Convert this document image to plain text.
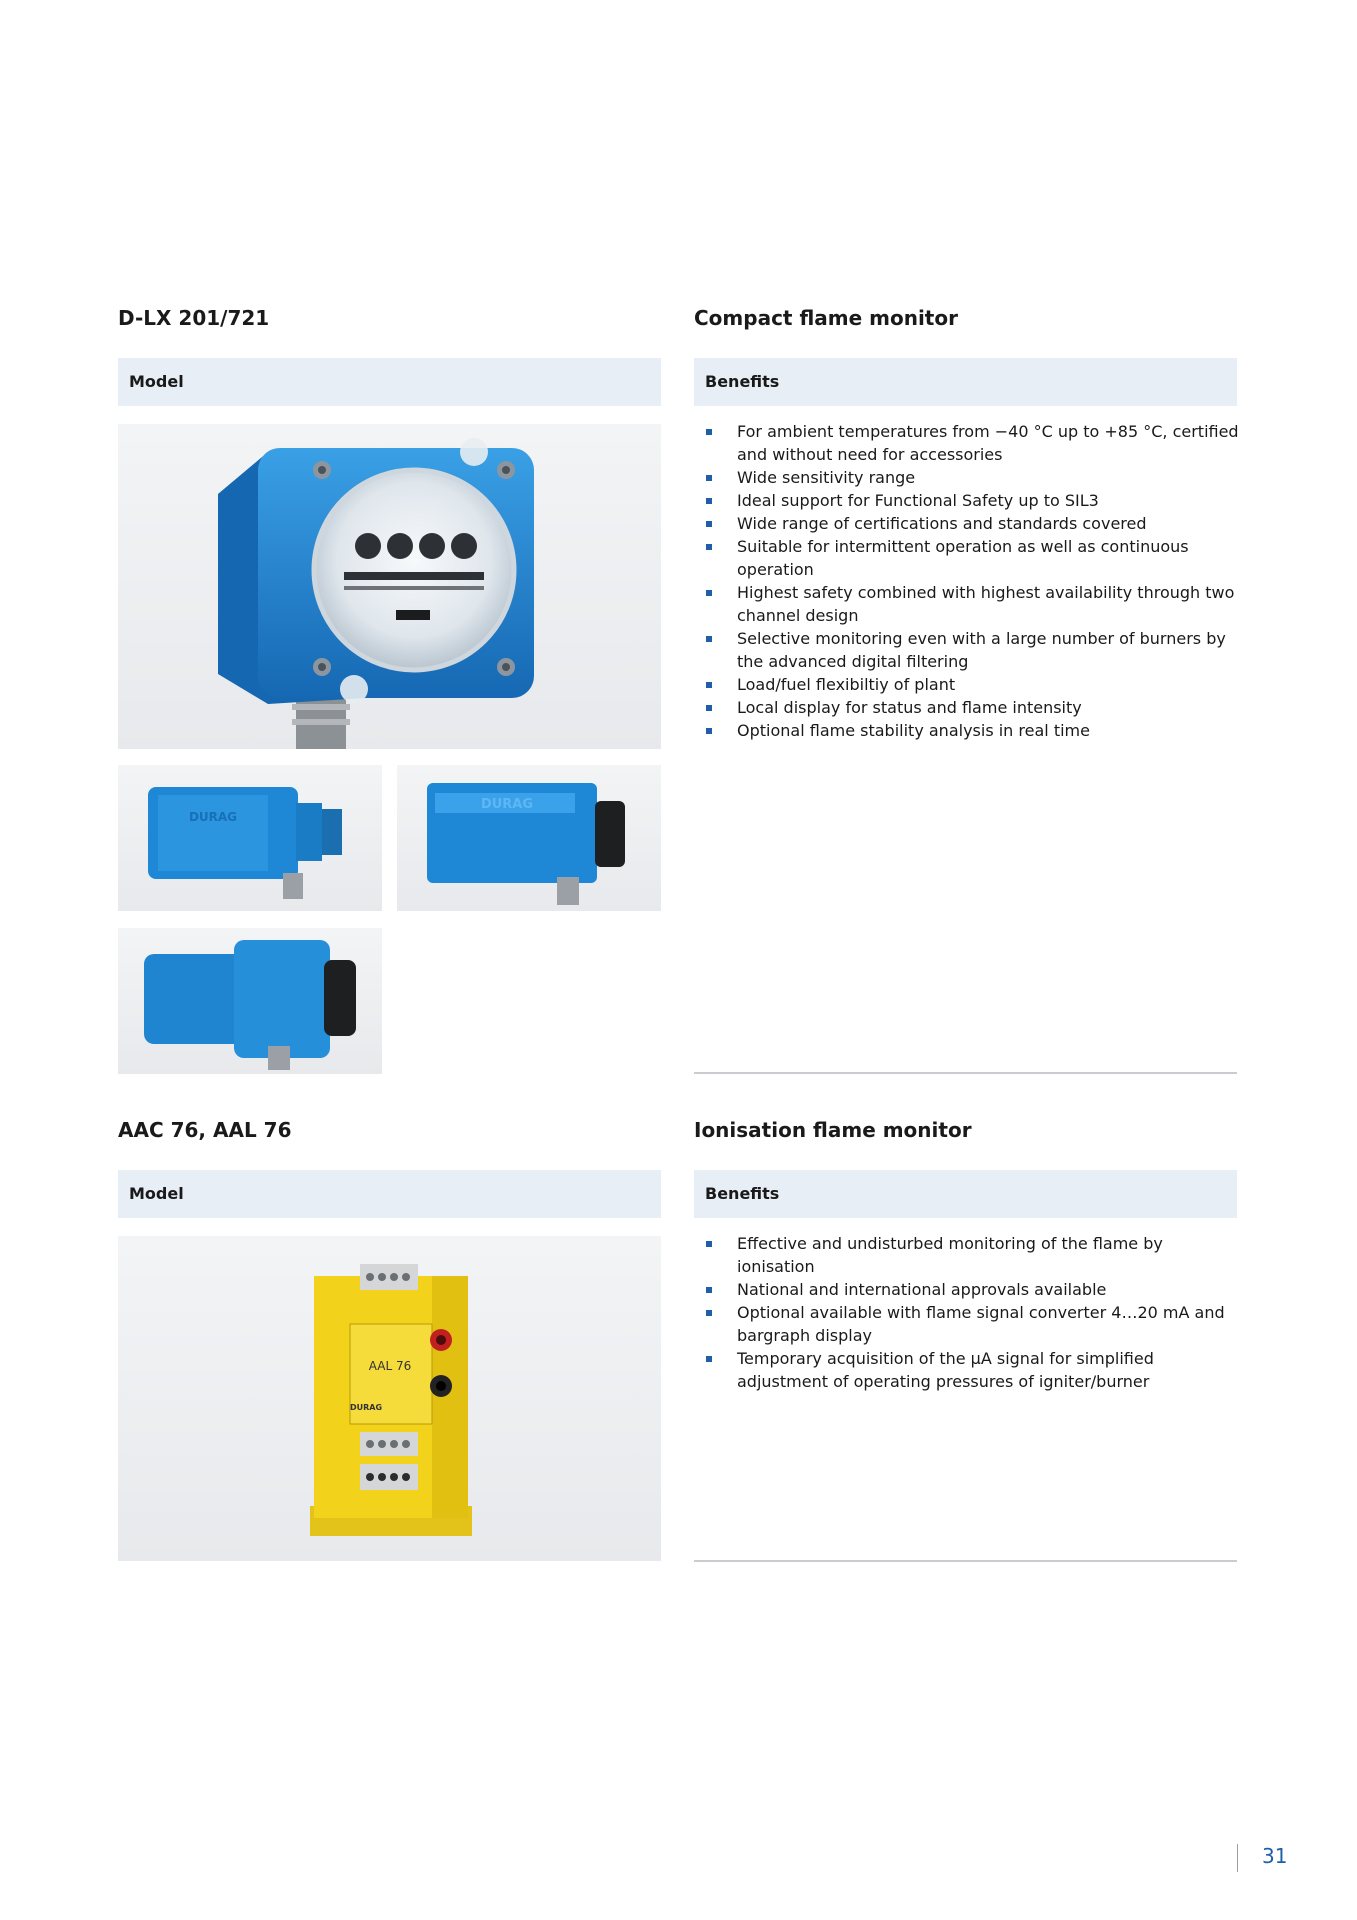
D-LX 201/721	Compact flame monitor
Model	Benefits
DURAG
DURAG
For ambient temperatures from −40 °C up to +85 °C, certified and without need for accessories
Wide sensitivity range
Ideal support for Functional Safety up to SIL3
Wide range of certifications and standards covered
Suitable for intermittent operation as well as continuous operation
Highest safety combined with highest availability through two channel design
Selective monitoring even with a large number of burners by the advanced digital filtering
Load/fuel flexibiltiy of plant
Local display for status and flame intensity
Optional flame stability analysis in real time
AAC 76, AAL 76	Ionisation flame monitor
Model	Benefits
AAL 76
DURAG
Effective and undisturbed monitoring of the flame by ionisation
National and international approvals available
Optional available with flame signal converter 4…20 mA and bargraph display
Temporary acquisition of the µA signal for simplified adjustment of operating pressures of igniter/burner
31
